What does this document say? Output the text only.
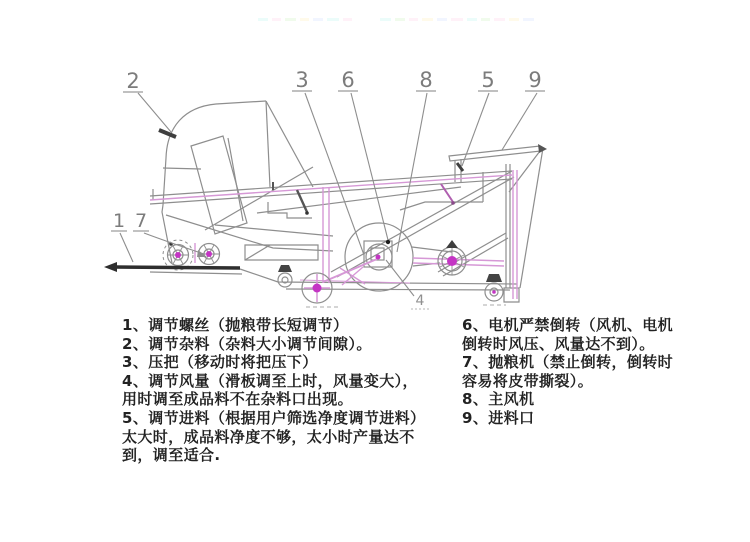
1 7
2	3 6	8 5 9
4
1、调节螺丝（抛粮带长短调节）
2、调节杂料（杂料大小调节间隙）。
3、压把（移动时将把压下）
4、调节风量（滑板调至上时，风量变大），
用时调至成品料不在杂料口出现。
5、调节进料（根据用户筛选净度调节进料）
太大时，成品料净度不够，太小时产量达不
到，调至适合.
6、电机严禁倒转（风机、电机
倒转时风压、风量达不到）。
7、抛粮机（禁止倒转，倒转时
容易将皮带撕裂）。
8、主风机
9、进料口
